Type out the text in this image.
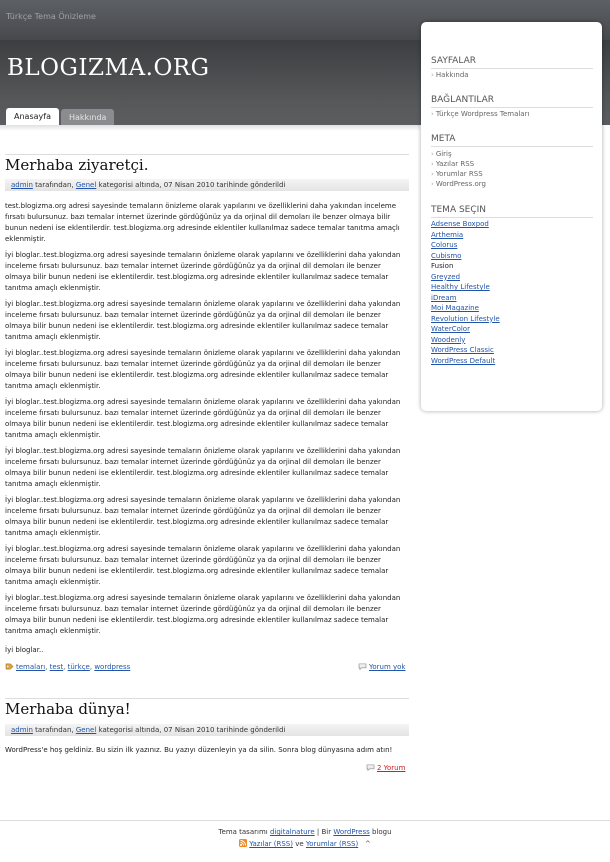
Türkçe Tema Önizleme
BLOGIZMA.ORG
Anasayfa Hakkında
SAYFALAR
› Hakkında
BAĞLANTILAR
› Türkçe Wordpress Temaları
META
› Giriş
› Yazılar RSS
› Yorumlar RSS
› WordPress.org
TEMA SEÇIN
Adsense Boxpod
Arthemia
Colorus
Cubismo
Fusion
Greyzed
Healthy Lifestyle
iDream
Moi Magazine
Revolution Lifestyle
WaterColor
Woodenly
WordPress Classic
WordPress Default
Merhaba ziyaretçi.
admin tarafından, Genel kategorisi altında, 07 Nisan 2010 tarihinde gönderildi
test.blogizma.org adresi sayesinde temaların önizleme olarak yapılarını ve özelliklerini daha yakından inceleme fırsatı bulursunuz. bazı temalar internet üzerinde gördüğünüz ya da orjinal dil demoları ile benzer olmaya bilir bunun nedeni ise eklentilerdir. test.blogizma.org adresinde eklentiler kullanılmaz sadece temalar tanıtma amaçlı eklenmiştir.
İyi bloglar..test.blogizma.org adresi sayesinde temaların önizleme olarak yapılarını ve özelliklerini daha yakından inceleme fırsatı bulursunuz. bazı temalar internet üzerinde gördüğünüz ya da orjinal dil demoları ile benzer olmaya bilir bunun nedeni ise eklentilerdir. test.blogizma.org adresinde eklentiler kullanılmaz sadece temalar tanıtma amaçlı eklenmiştir.
İyi bloglar..test.blogizma.org adresi sayesinde temaların önizleme olarak yapılarını ve özelliklerini daha yakından inceleme fırsatı bulursunuz. bazı temalar internet üzerinde gördüğünüz ya da orjinal dil demoları ile benzer olmaya bilir bunun nedeni ise eklentilerdir. test.blogizma.org adresinde eklentiler kullanılmaz sadece temalar tanıtma amaçlı eklenmiştir.
İyi bloglar..test.blogizma.org adresi sayesinde temaların önizleme olarak yapılarını ve özelliklerini daha yakından inceleme fırsatı bulursunuz. bazı temalar internet üzerinde gördüğünüz ya da orjinal dil demoları ile benzer olmaya bilir bunun nedeni ise eklentilerdir. test.blogizma.org adresinde eklentiler kullanılmaz sadece temalar tanıtma amaçlı eklenmiştir.
İyi bloglar..test.blogizma.org adresi sayesinde temaların önizleme olarak yapılarını ve özelliklerini daha yakından inceleme fırsatı bulursunuz. bazı temalar internet üzerinde gördüğünüz ya da orjinal dil demoları ile benzer olmaya bilir bunun nedeni ise eklentilerdir. test.blogizma.org adresinde eklentiler kullanılmaz sadece temalar tanıtma amaçlı eklenmiştir.
İyi bloglar..test.blogizma.org adresi sayesinde temaların önizleme olarak yapılarını ve özelliklerini daha yakından inceleme fırsatı bulursunuz. bazı temalar internet üzerinde gördüğünüz ya da orjinal dil demoları ile benzer olmaya bilir bunun nedeni ise eklentilerdir. test.blogizma.org adresinde eklentiler kullanılmaz sadece temalar tanıtma amaçlı eklenmiştir.
İyi bloglar..test.blogizma.org adresi sayesinde temaların önizleme olarak yapılarını ve özelliklerini daha yakından inceleme fırsatı bulursunuz. bazı temalar internet üzerinde gördüğünüz ya da orjinal dil demoları ile benzer olmaya bilir bunun nedeni ise eklentilerdir. test.blogizma.org adresinde eklentiler kullanılmaz sadece temalar tanıtma amaçlı eklenmiştir.
İyi bloglar..test.blogizma.org adresi sayesinde temaların önizleme olarak yapılarını ve özelliklerini daha yakından inceleme fırsatı bulursunuz. bazı temalar internet üzerinde gördüğünüz ya da orjinal dil demoları ile benzer olmaya bilir bunun nedeni ise eklentilerdir. test.blogizma.org adresinde eklentiler kullanılmaz sadece temalar tanıtma amaçlı eklenmiştir.
İyi bloglar..test.blogizma.org adresi sayesinde temaların önizleme olarak yapılarını ve özelliklerini daha yakından inceleme fırsatı bulursunuz. bazı temalar internet üzerinde gördüğünüz ya da orjinal dil demoları ile benzer olmaya bilir bunun nedeni ise eklentilerdir. test.blogizma.org adresinde eklentiler kullanılmaz sadece temalar tanıtma amaçlı eklenmiştir.
İyi bloglar..
temaları, test, türkçe, wordpress	Yorum yok
Merhaba dünya!
admin tarafından, Genel kategorisi altında, 07 Nisan 2010 tarihinde gönderildi
WordPress'e hoş geldiniz. Bu sizin ilk yazınız. Bu yazıyı düzenleyin ya da silin. Sonra blog dünyasına adım atın!
2 Yorum
Tema tasarımı digitalnature | Bir WordPress blogu
Yazılar (RSS) ve Yorumlar (RSS) ^
